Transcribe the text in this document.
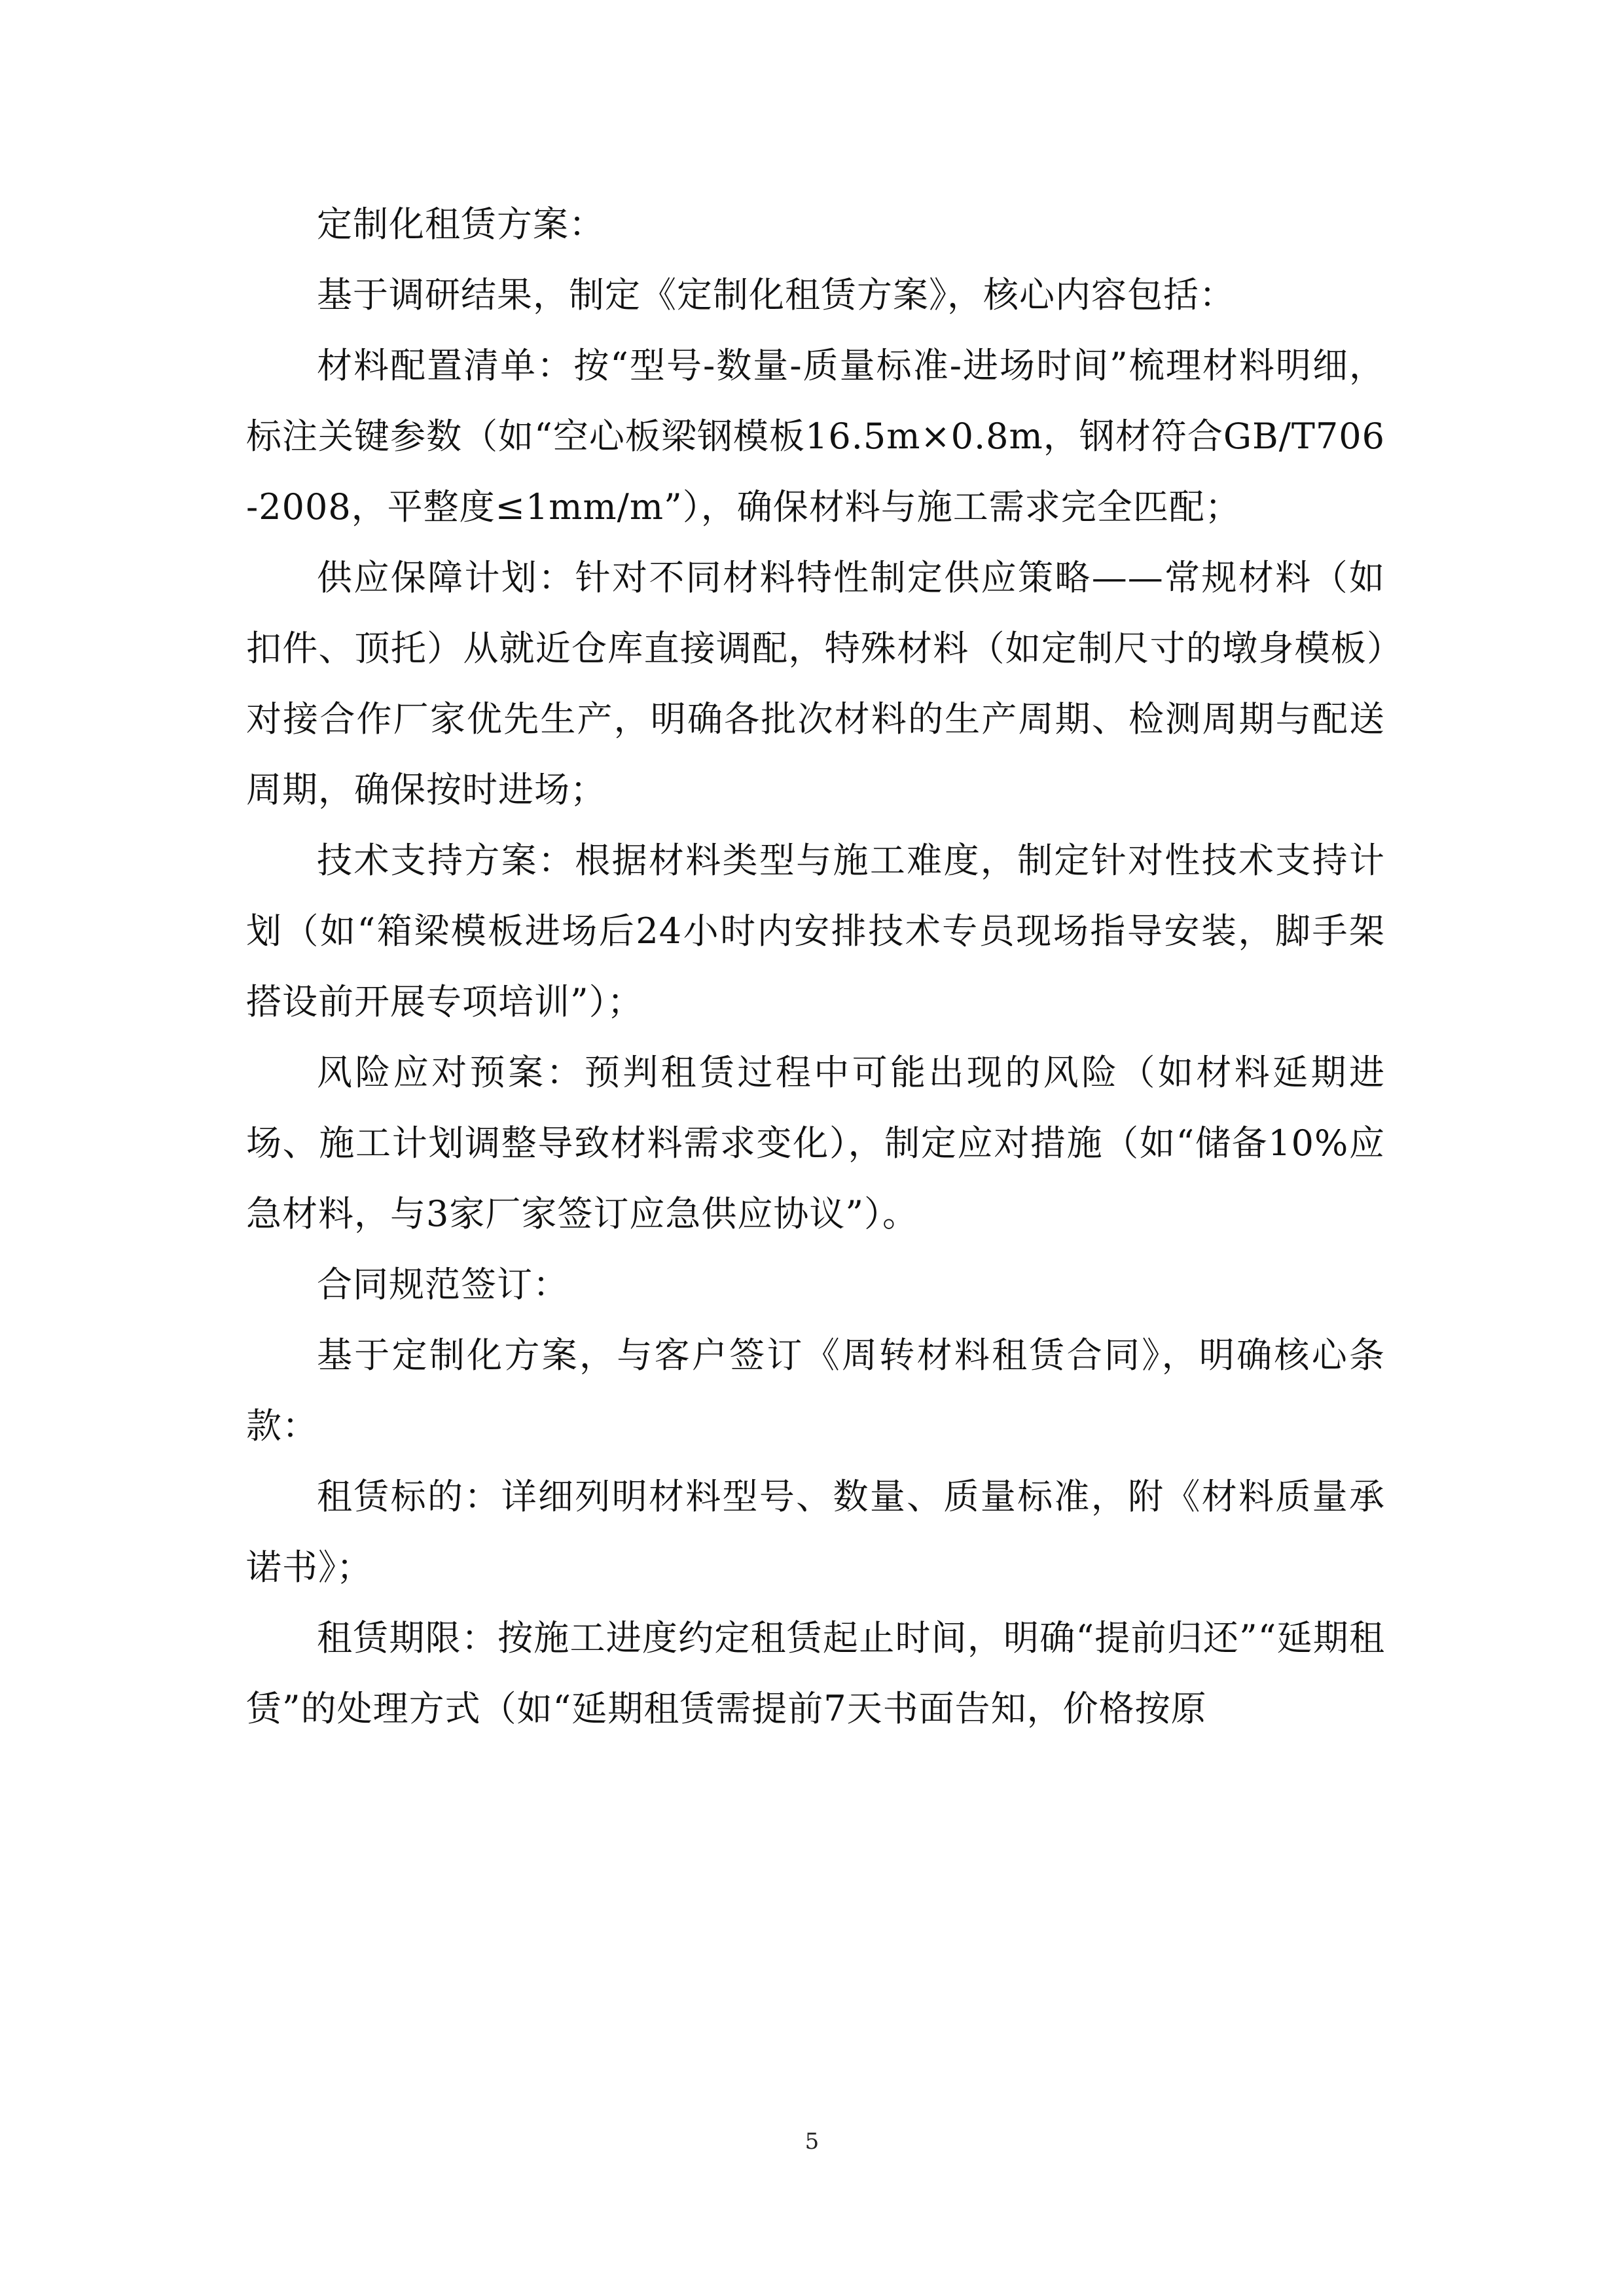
定制化租赁方案：

基于调研结果，制定《定制化租赁方案》，核心内容包括：

材料配置清单：按“型号-数量-质量标准-进场时间”梳理材料明细，标注关键参数（如“空心板梁钢模板16.5m×0.8m，钢材符合GB/T706-2008，平整度≤1mm/m”），确保材料与施工需求完全匹配；

供应保障计划：针对不同材料特性制定供应策略——常规材料（如扣件、顶托）从就近仓库直接调配，特殊材料（如定制尺寸的墩身模板）对接合作厂家优先生产，明确各批次材料的生产周期、检测周期与配送周期，确保按时进场；

技术支持方案：根据材料类型与施工难度，制定针对性技术支持计划（如“箱梁模板进场后24小时内安排技术专员现场指导安装，脚手架搭设前开展专项培训”）；

风险应对预案：预判租赁过程中可能出现的风险（如材料延期进场、施工计划调整导致材料需求变化），制定应对措施（如“储备10%应急材料，与3家厂家签订应急供应协议”）。

合同规范签订：

基于定制化方案，与客户签订《周转材料租赁合同》，明确核心条款：

租赁标的：详细列明材料型号、数量、质量标准，附《材料质量承诺书》；

租赁期限：按施工进度约定租赁起止时间，明确“提前归还”“延期租赁”的处理方式（如“延期租赁需提前7天书面告知，价格按原

5
